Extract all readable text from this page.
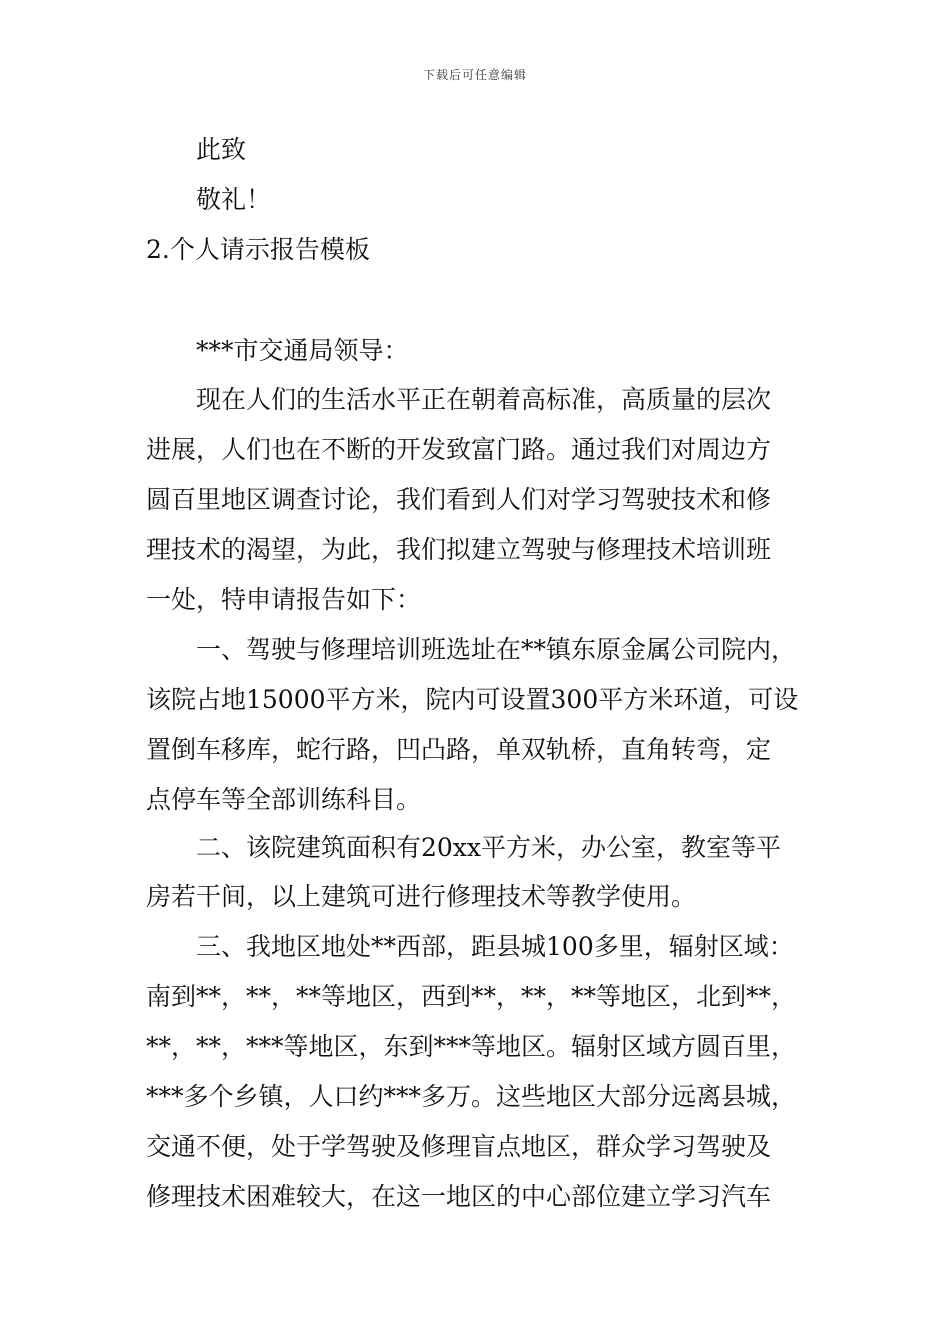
下载后可任意编辑
此致
敬礼！
2.个人请示报告模板
***市交通局领导：
现在人们的生活水平正在朝着高标准，高质量的层次
进展，人们也在不断的开发致富门路。通过我们对周边方
圆百里地区调查讨论，我们看到人们对学习驾驶技术和修
理技术的渴望，为此，我们拟建立驾驶与修理技术培训班
一处，特申请报告如下：
一、驾驶与修理培训班选址在**镇东原金属公司院内，
该院占地15000平方米，院内可设置300平方米环道，可设
置倒车移库，蛇行路，凹凸路，单双轨桥，直角转弯，定
点停车等全部训练科目。
二、该院建筑面积有20xx平方米，办公室，教室等平
房若干间，以上建筑可进行修理技术等教学使用。
三、我地区地处**西部，距县城100多里，辐射区域：
南到**，**，**等地区，西到**，**，**等地区，北到**，
**，**，***等地区，东到***等地区。辐射区域方圆百里，
***多个乡镇，人口约***多万。这些地区大部分远离县城，
交通不便，处于学驾驶及修理盲点地区，群众学习驾驶及
修理技术困难较大，在这一地区的中心部位建立学习汽车
